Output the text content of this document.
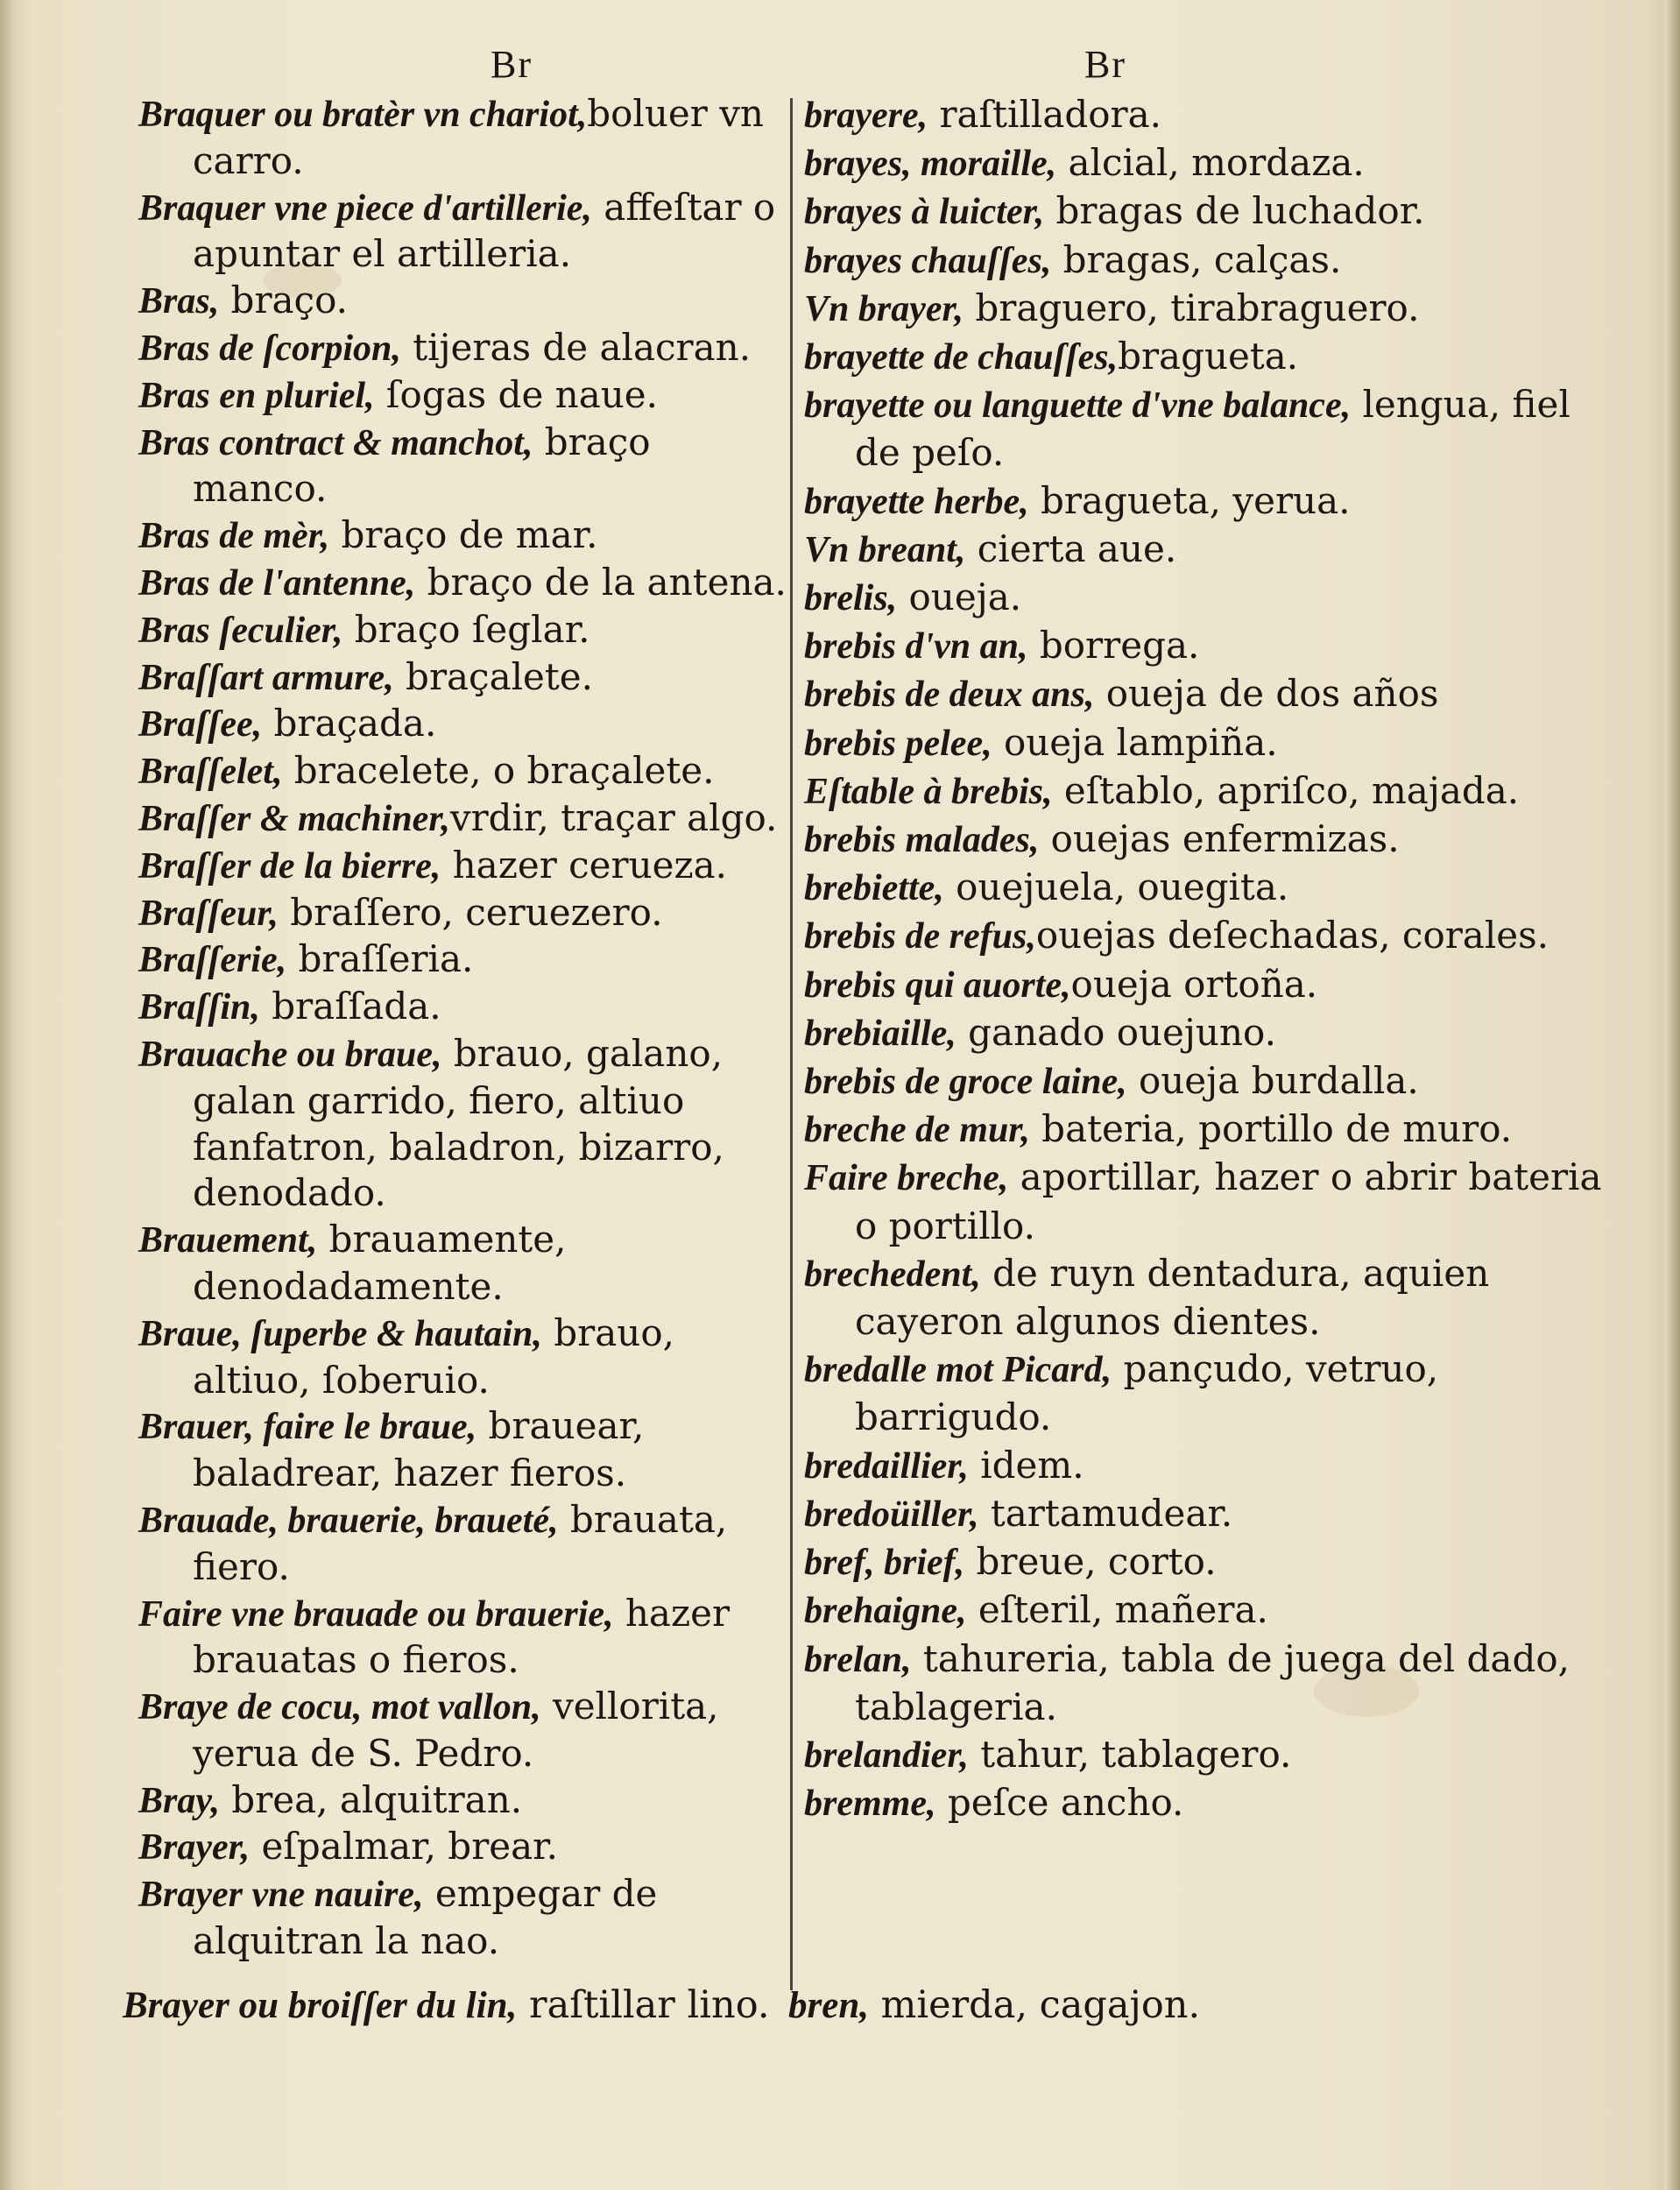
Br	Br
Braquer ou bratèr vn chariot,boluer vn carro.
Braquer vne piece d'artillerie, affeſtar o apuntar el artilleria.
Bras, braço.
Bras de ſcorpion, tijeras de alacran.
Bras en pluriel, ſogas de naue.
Bras contract & manchot, braço manco.
Bras de mèr, braço de mar.
Bras de l'antenne, braço de la antena.
Bras ſeculier, braço ſeglar.
Braſſart armure, braçalete.
Braſſee, braçada.
Braſſelet, bracelete, o braçalete.
Braſſer & machiner,vrdir, traçar algo.
Braſſer de la bierre, hazer cerueza.
Braſſeur, braſſero, ceruezero.
Braſſerie, braſſeria.
Braſſin, braſſada.
Brauache ou braue, brauo, galano, galan garrido, fiero, altiuo fanfatron, baladron, bizarro, denodado.
Brauement, brauamente, denodadamente.
Braue, ſuperbe & hautain, brauo, altiuo, ſoberuio.
Brauer, faire le braue, brauear, baladrear, hazer fieros.
Brauade, brauerie, braueté, brauata, fiero.
Faire vne brauade ou brauerie, hazer brauatas o fieros.
Braye de cocu, mot vallon, vellorita, yerua de S. Pedro.
Bray, brea, alquitran.
Brayer, eſpalmar, brear.
Brayer vne nauire, empegar de alquitran la nao.
brayere, raſtilladora.
brayes, moraille, alcial, mordaza.
brayes à luicter, bragas de luchador.
brayes chauſſes, bragas, calças.
Vn brayer, braguero, tirabraguero.
brayette de chauſſes,bragueta.
brayette ou languette d'vne balance, lengua, fiel de peſo.
brayette herbe, bragueta, yerua.
Vn breant, cierta aue.
brelis, oueja.
brebis d'vn an, borrega.
brebis de deux ans, oueja de dos años
brebis pelee, oueja lampiña.
Eſtable à brebis, eſtablo, apriſco, majada.
brebis malades, ouejas enfermizas.
brebiette, ouejuela, ouegita.
brebis de refus,ouejas deſechadas, corales.
brebis qui auorte,oueja ortoña.
brebiaille, ganado ouejuno.
brebis de groce laine, oueja burdalla.
breche de mur, bateria, portillo de muro.
Faire breche, aportillar, hazer o abrir bateria o portillo.
brechedent, de ruyn dentadura, aquien cayeron algunos dientes.
bredalle mot Picard, pançudo, vetruo, barrigudo.
bredaillier, idem.
bredoüiller, tartamudear.
bref, brief, breue, corto.
brehaigne, eſteril, mañera.
brelan, tahureria, tabla de juega del dado, tablageria.
brelandier, tahur, tablagero.
bremme, peſce ancho.
Brayer ou broiſſer du lin, raſtillar lino. bren, mierda, cagajon.
